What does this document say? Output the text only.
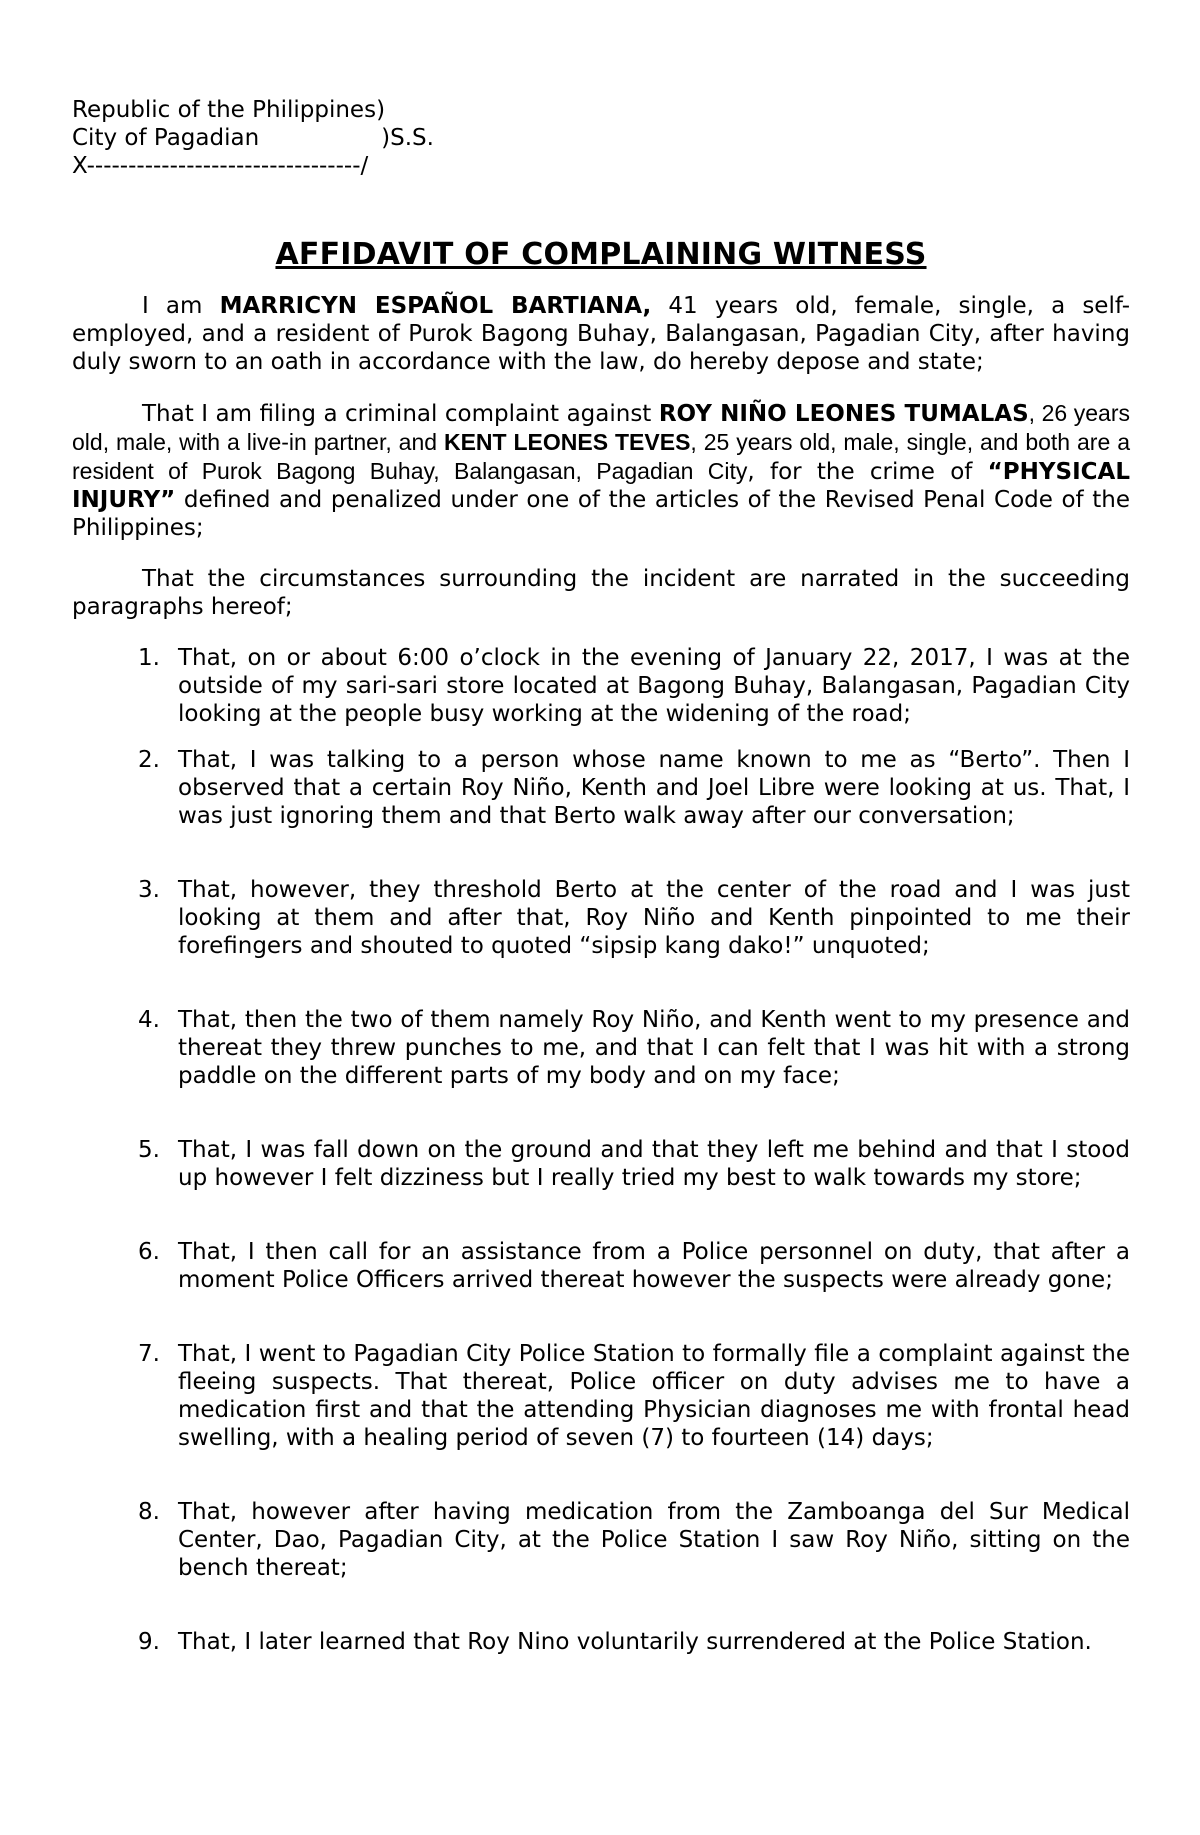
Republic of the Philippines)
City of Pagadian	)S.S.
X---------------------------------/
AFFIDAVIT OF COMPLAINING WITNESS

I am MARRICYN ESPAÑOL BARTIANA, 41 years old, female, single, a self-employed, and a resident of Purok Bagong Buhay, Balangasan, Pagadian City, after having duly sworn to an oath in accordance with the law, do hereby depose and state;

That I am filing a criminal complaint against ROY NIÑO LEONES TUMALAS, 26 years old, male, with a live-in partner, and KENT LEONES TEVES, 25 years old, male, single, and both are a resident of Purok Bagong Buhay, Balangasan, Pagadian City, for the crime of “PHYSICAL INJURY” defined and penalized under one of the articles of the Revised Penal Code of the Philippines;

That the circumstances surrounding the incident are narrated in the succeeding paragraphs hereof;

1. That, on or about 6:00 o’clock in the evening of January 22, 2017, I was at the outside of my sari-sari store located at Bagong Buhay, Balangasan, Pagadian City looking at the people busy working at the widening of the road;
2. That, I was talking to a person whose name known to me as “Berto”. Then I observed that a certain Roy Niño, Kenth and Joel Libre were looking at us. That, I was just ignoring them and that Berto walk away after our conversation;
3. That, however, they threshold Berto at the center of the road and I was just looking at them and after that, Roy Niño and Kenth pinpointed to me their forefingers and shouted to quoted “sipsip kang dako!” unquoted;
4. That, then the two of them namely Roy Niño, and Kenth went to my presence and thereat they threw punches to me, and that I can felt that I was hit with a strong paddle on the different parts of my body and on my face;
5. That, I was fall down on the ground and that they left me behind and that I stood up however I felt dizziness but I really tried my best to walk towards my store;
6. That, I then call for an assistance from a Police personnel on duty, that after a moment Police Officers arrived thereat however the suspects were already gone;
7. That, I went to Pagadian City Police Station to formally file a complaint against the fleeing suspects. That thereat, Police officer on duty advises me to have a medication first and that the attending Physician diagnoses me with frontal head swelling, with a healing period of seven (7) to fourteen (14) days;
8. That, however after having medication from the Zamboanga del Sur Medical Center, Dao, Pagadian City, at the Police Station I saw Roy Niño, sitting on the bench thereat;
9. That, I later learned that Roy Nino voluntarily surrendered at the Police Station.
